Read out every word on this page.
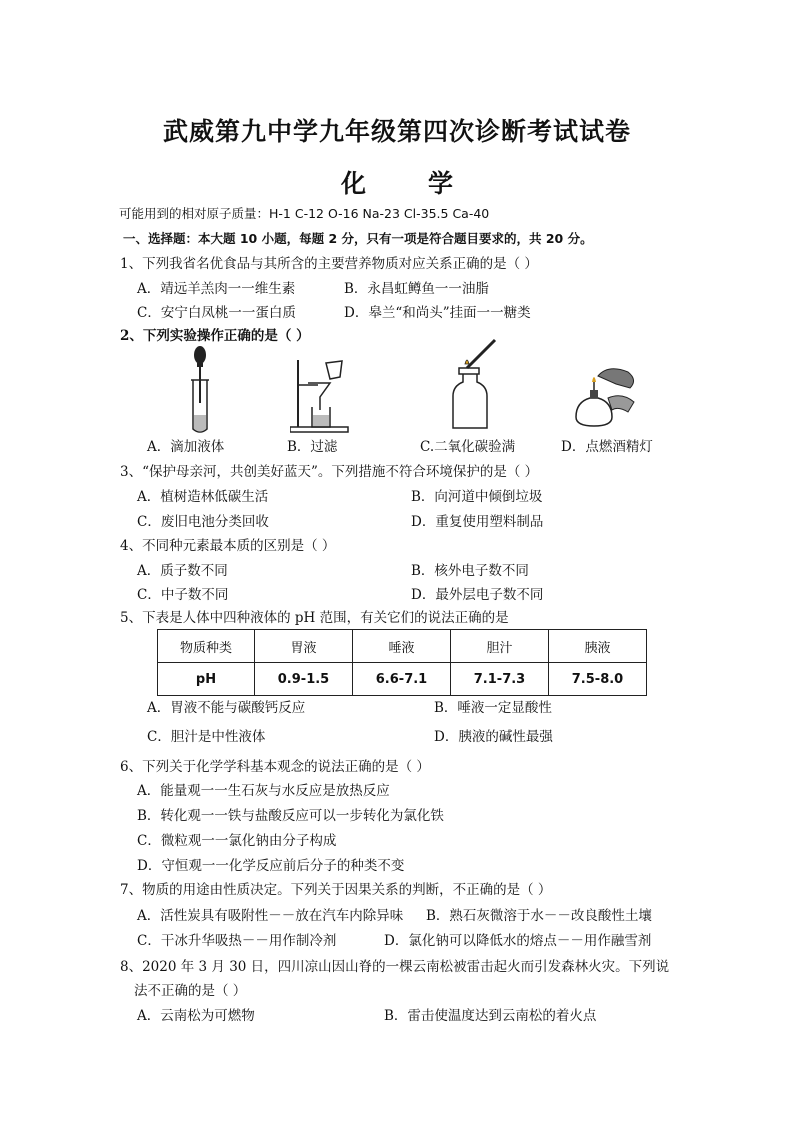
武威第九中学九年级第四次诊断考试试卷
化学
可能用到的相对原子质量：H-1 C-12 O-16 Na-23 Cl-35.5 Ca-40
一、选择题：本大题 10 小题，每题 2 分，只有一项是符合题目要求的，共 20 分。
1、下列我省名优食品与其所含的主要营养物质对应关系正确的是（ ）
A．靖远羊羔肉一一维生素	B．永昌虹鳟鱼一一油脂
C．安宁白凤桃一一蛋白质	D．皋兰“和尚头”挂面一一糖类
2、下列实验操作正确的是（ ）
A．滴加液体	B．过滤	C.二氧化碳验满	D．点燃酒精灯
3、“保护母亲河，共创美好蓝天”。下列措施不符合环境保护的是（ ）
A．植树造林低碳生活	B．向河道中倾倒垃圾
C．废旧电池分类回收	D．重复使用塑料制品
4、不同种元素最本质的区别是（ ）
A．质子数不同	B．核外电子数不同
C．中子数不同	D．最外层电子数不同
5、下表是人体中四种液体的 pH 范围，有关它们的说法正确的是
物质种类	胃液	唾液	胆汁	胰液
pH	0.9-1.5	6.6-7.1	7.1-7.3	7.5-8.0
A．胃液不能与碳酸钙反应	B．唾液一定显酸性
C．胆汁是中性液体	D．胰液的碱性最强
6、下列关于化学学科基本观念的说法正确的是（ ）
A．能量观一一生石灰与水反应是放热反应
B．转化观一一铁与盐酸反应可以一步转化为氯化铁
C．微粒观一一氯化钠由分子构成
D．守恒观一一化学反应前后分子的种类不变
7、物质的用途由性质决定。下列关于因果关系的判断，不正确的是（ ）
A．活性炭具有吸附性－－放在汽车内除异味 B．熟石灰微溶于水－－改良酸性土壤
C．干冰升华吸热－－用作制冷剂	D．氯化钠可以降低水的熔点－－用作融雪剂
8、2020 年 3 月 30 日，四川凉山因山脊的一棵云南松被雷击起火而引发森林火灾。下列说
法不正确的是（ ）
A．云南松为可燃物	B．雷击使温度达到云南松的着火点
